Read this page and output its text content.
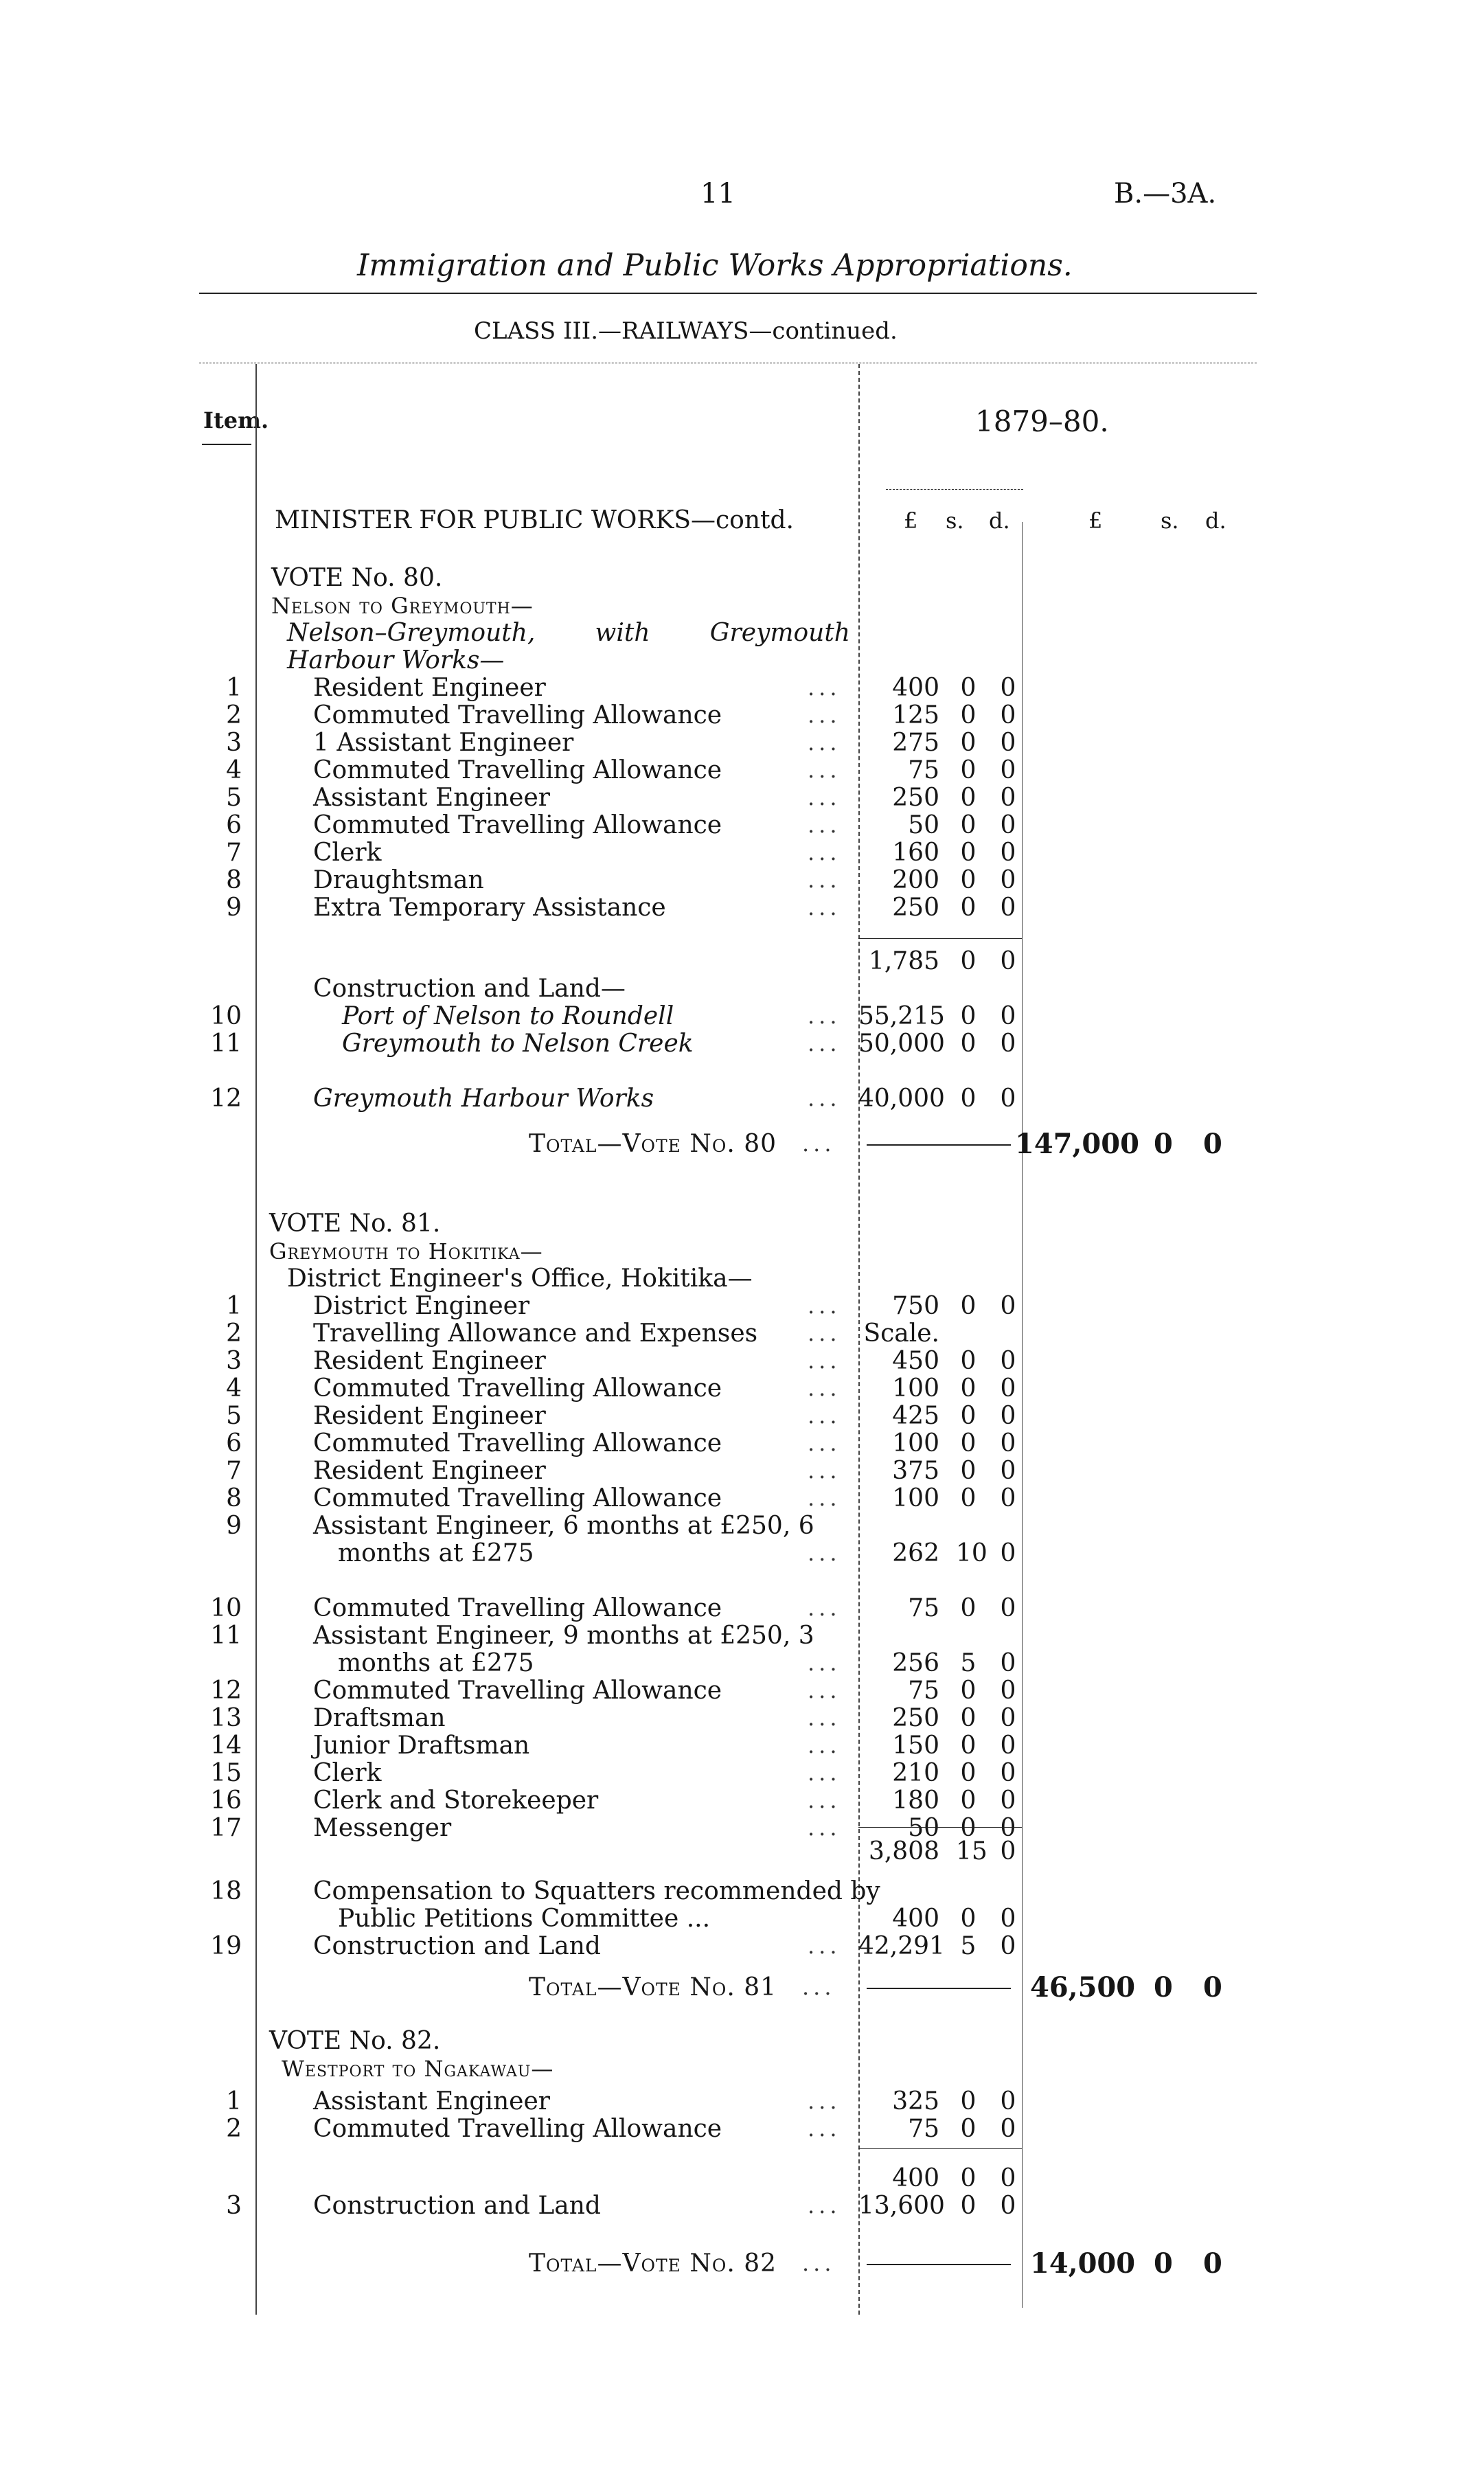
11	B.—3A.
Immigration and Public Works Appropriations.
CLASS III.—RAILWAYS—continued.
Item.	1879–80.
£ s. d.	£	s. d.
MINISTER FOR PUBLIC WORKS—contd.
VOTE No. 80.
Nelson to Greymouth—
Nelson–Greymouth, with Greymouth Harbour Works—
1	Resident Engineer	...	400 0 0
2	Commuted Travelling Allowance	...	125 0 0
3	1 Assistant Engineer	...	275 0 0
4	Commuted Travelling Allowance	...	75 0 0
5	Assistant Engineer	...	250 0 0
6	Commuted Travelling Allowance	...	50 0 0
7	Clerk	...	160 0 0
8	Draughtsman	...	200 0 0
9	Extra Temporary Assistance	...	250 0 0
1,785 0 0
Construction and Land—
10	Port of Nelson to Roundell	... 55,215 0 0
11	Greymouth to Nelson Creek	... 50,000 0 0
12	Greymouth Harbour Works	... 40,000 0 0
Total—Vote No. 80 ...	147,000 0 0
VOTE No. 81.
Greymouth to Hokitika—
District Engineer's Office, Hokitika—
1	District Engineer	...	750 0 0
2	Travelling Allowance and Expenses ... Scale.
3	Resident Engineer	...	450 0 0
4	Commuted Travelling Allowance	...	100 0 0
5	Resident Engineer	...	425 0 0
6	Commuted Travelling Allowance	...	100 0 0
7	Resident Engineer	...	375 0 0
8	Commuted Travelling Allowance	...	100 0 0
9	Assistant Engineer, 6 months at £250, 6
months at £275	...	262 10 0
10	Commuted Travelling Allowance	...	75 0 0
11	Assistant Engineer, 9 months at £250, 3
months at £275	...	256 5 0
12	Commuted Travelling Allowance	...	75 0 0
13	Draftsman	...	250 0 0
14	Junior Draftsman	...	150 0 0
15	Clerk	...	210 0 0
16	Clerk and Storekeeper	...	180 0 0
17	Messenger	...	50 0 0
3,808 15 0
18	Compensation to Squatters recommended by
Public Petitions Committee ...	400 0 0
19	Construction and Land	... 42,291 5 0
Total—Vote No. 81 ...	46,500 0 0
VOTE No. 82.
Westport to Ngakawau—
1	Assistant Engineer	...	325 0 0
2	Commuted Travelling Allowance	...	75 0 0
400 0 0
3	Construction and Land	... 13,600 0 0
Total—Vote No. 82 ...	14,000 0 0
